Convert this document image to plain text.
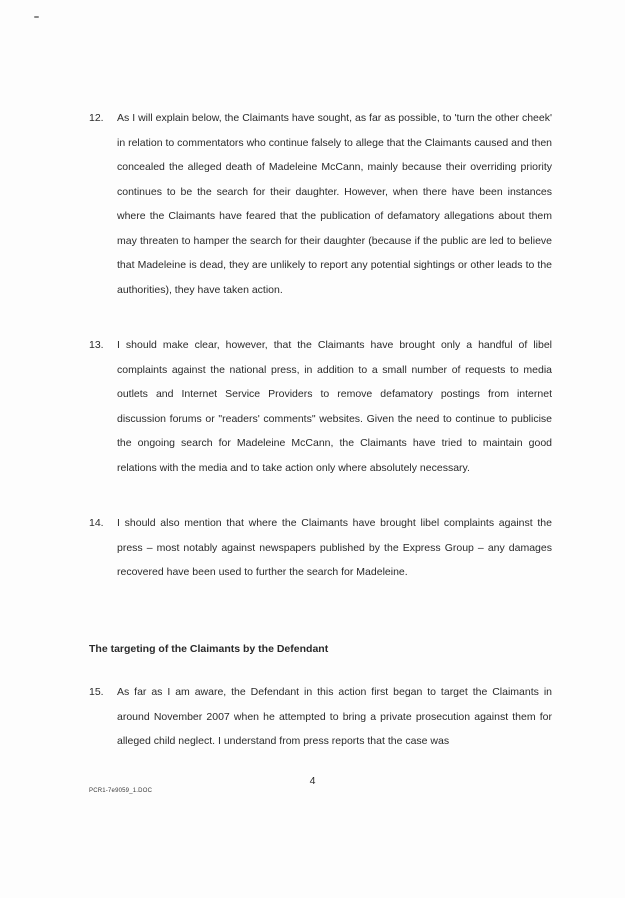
12.	As I will explain below, the Claimants have sought, as far as possible, to 'turn the other cheek' in relation to commentators who continue falsely to allege that the Claimants caused and then concealed the alleged death of Madeleine McCann, mainly because their overriding priority continues to be the search for their daughter. However, when there have been instances where the Claimants have feared that the publication of defamatory allegations about them may threaten to hamper the search for their daughter (because if the public are led to believe that Madeleine is dead, they are unlikely to report any potential sightings or other leads to the authorities), they have taken action.
13.	I should make clear, however, that the Claimants have brought only a handful of libel complaints against the national press, in addition to a small number of requests to media outlets and Internet Service Providers to remove defamatory postings from internet discussion forums or "readers' comments" websites. Given the need to continue to publicise the ongoing search for Madeleine McCann, the Claimants have tried to maintain good relations with the media and to take action only where absolutely necessary.
14.	I should also mention that where the Claimants have brought libel complaints against the press – most notably against newspapers published by the Express Group – any damages recovered have been used to further the search for Madeleine.
The targeting of the Claimants by the Defendant
15.	As far as I am aware, the Defendant in this action first began to target the Claimants in around November 2007 when he attempted to bring a private prosecution against them for alleged child neglect. I understand from press reports that the case was
4
PCR1-7e9059_1.DOC
